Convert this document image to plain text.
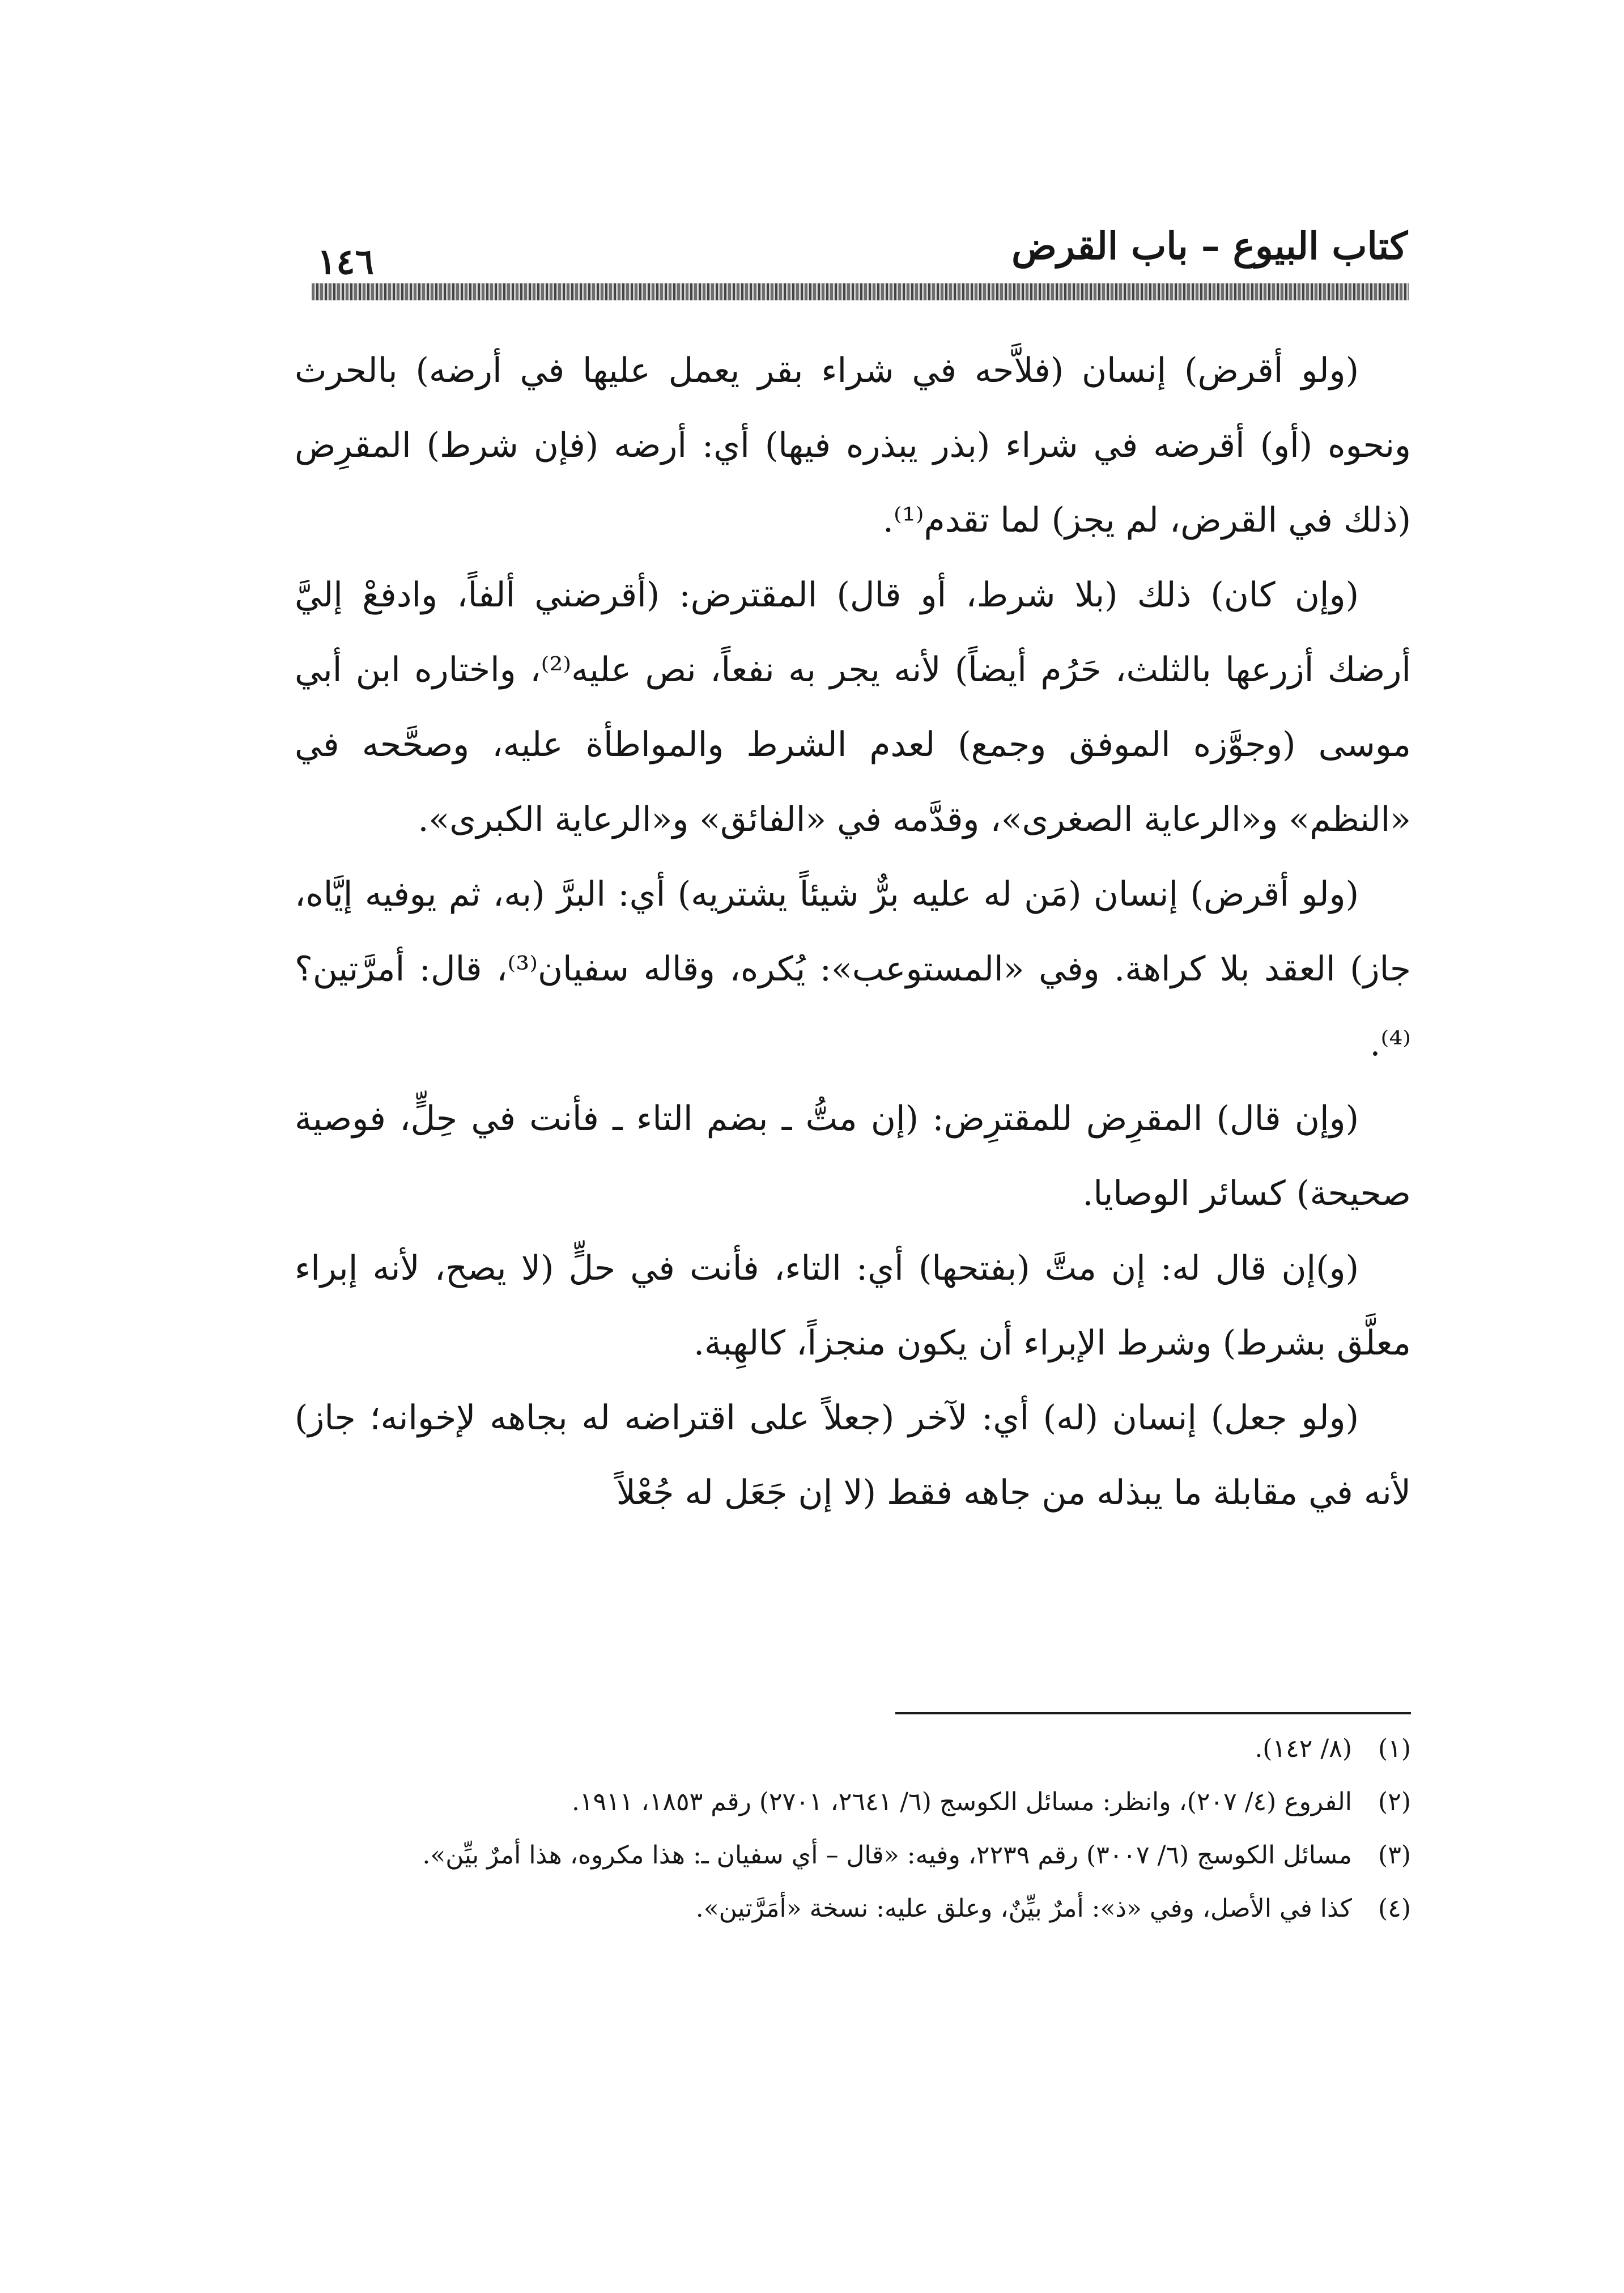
كتاب البيوع – باب القرض
١٤٦

(ولو أقرض) إنسان (فلاَّحه في شراء بقر يعمل عليها في أرضه) بالحرث ونحوه (أو) أقرضه في شراء (بذر يبذره فيها) أي: أرضه (فإن شرط) المقرِض (ذلك في القرض، لم يجز) لما تقدم⁽¹⁾.

(وإن كان) ذلك (بلا شرط، أو قال) المقترض: (أقرضني ألفاً، وادفعْ إليَّ أرضك أزرعها بالثلث، حَرُم أيضاً) لأنه يجر به نفعاً، نص عليه⁽²⁾، واختاره ابن أبي موسى (وجوَّزه الموفق وجمع) لعدم الشرط والمواطأة عليه، وصحَّحه في «النظم» و«الرعاية الصغرى»، وقدَّمه في «الفائق» و«الرعاية الكبرى».

(ولو أقرض) إنسان (مَن له عليه برٌّ شيئاً يشتريه) أي: البرَّ (به، ثم يوفيه إيَّاه، جاز) العقد بلا كراهة. وفي «المستوعب»: يُكره، وقاله سفيان⁽³⁾، قال: أمرَّتين؟⁽⁴⁾.

(وإن قال) المقرِض للمقترِض: (إن متُّ ـ بضم التاء ـ فأنت في حِلٍّ، فوصية صحيحة) كسائر الوصايا.

(و)إن قال له: إن متَّ (بفتحها) أي: التاء، فأنت في حلٍّ (لا يصح، لأنه إبراء معلَّق بشرط) وشرط الإبراء أن يكون منجزاً، كالهِبة.

(ولو جعل) إنسان (له) أي: لآخر (جعلاً على اقتراضه له بجاهه لإخوانه؛ جاز) لأنه في مقابلة ما يبذله من جاهه فقط (لا إن جَعَل له جُعْلاً

(١) (٨/ ١٤٢).

(٢) الفروع (٤/ ٢٠٧)، وانظر: مسائل الكوسج (٦/ ٢٦٤١، ٢٧٠١) رقم ١٨٥٣، ١٩١١.

(٣) مسائل الكوسج (٦/ ٣٠٠٧) رقم ٢٢٣٩، وفيه: «قال – أي سفيان ـ: هذا مكروه، هذا أمرٌ بيِّن».

(٤) كذا في الأصل، وفي «ذ»: أمرٌ بيِّنٌ، وعلق عليه: نسخة «أمَرَّتين».
